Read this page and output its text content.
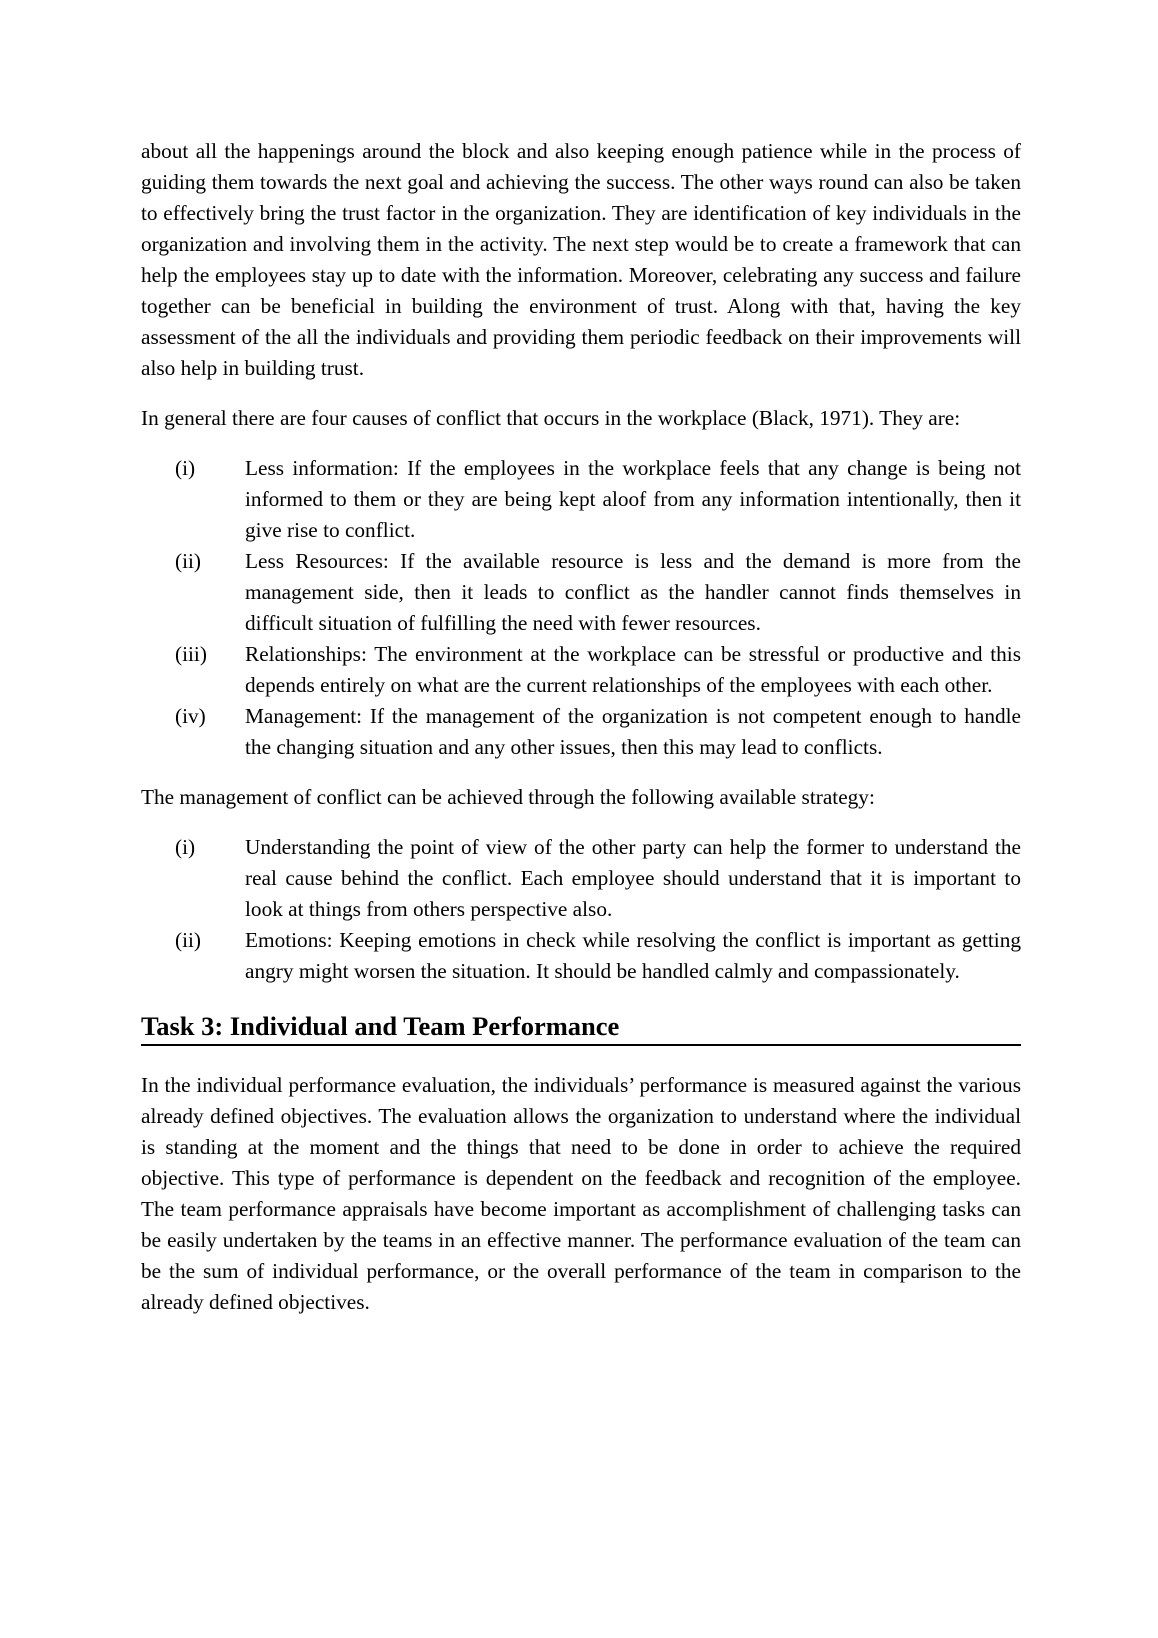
about all the happenings around the block and also keeping enough patience while in the process of guiding them towards the next goal and achieving the success. The other ways round can also be taken to effectively bring the trust factor in the organization. They are identification of key individuals in the organization and involving them in the activity. The next step would be to create a framework that can help the employees stay up to date with the information. Moreover, celebrating any success and failure together can be beneficial in building the environment of trust. Along with that, having the key assessment of the all the individuals and providing them periodic feedback on their improvements will also help in building trust.

In general there are four causes of conflict that occurs in the workplace (Black, 1971). They are:

(i)	Less information: If the employees in the workplace feels that any change is being not informed to them or they are being kept aloof from any information intentionally, then it give rise to conflict.
(ii)	Less Resources: If the available resource is less and the demand is more from the management side, then it leads to conflict as the handler cannot finds themselves in difficult situation of fulfilling the need with fewer resources.
(iii)	Relationships: The environment at the workplace can be stressful or productive and this depends entirely on what are the current relationships of the employees with each other.
(iv)	Management: If the management of the organization is not competent enough to handle the changing situation and any other issues, then this may lead to conflicts.

The management of conflict can be achieved through the following available strategy:

(i)	Understanding the point of view of the other party can help the former to understand the real cause behind the conflict. Each employee should understand that it is important to look at things from others perspective also.
(ii)	Emotions: Keeping emotions in check while resolving the conflict is important as getting angry might worsen the situation. It should be handled calmly and compassionately.
Task 3: Individual and Team Performance

In the individual performance evaluation, the individuals’ performance is measured against the various already defined objectives. The evaluation allows the organization to understand where the individual is standing at the moment and the things that need to be done in order to achieve the required objective. This type of performance is dependent on the feedback and recognition of the employee. The team performance appraisals have become important as accomplishment of challenging tasks can be easily undertaken by the teams in an effective manner. The performance evaluation of the team can be the sum of individual performance, or the overall performance of the team in comparison to the already defined objectives.
